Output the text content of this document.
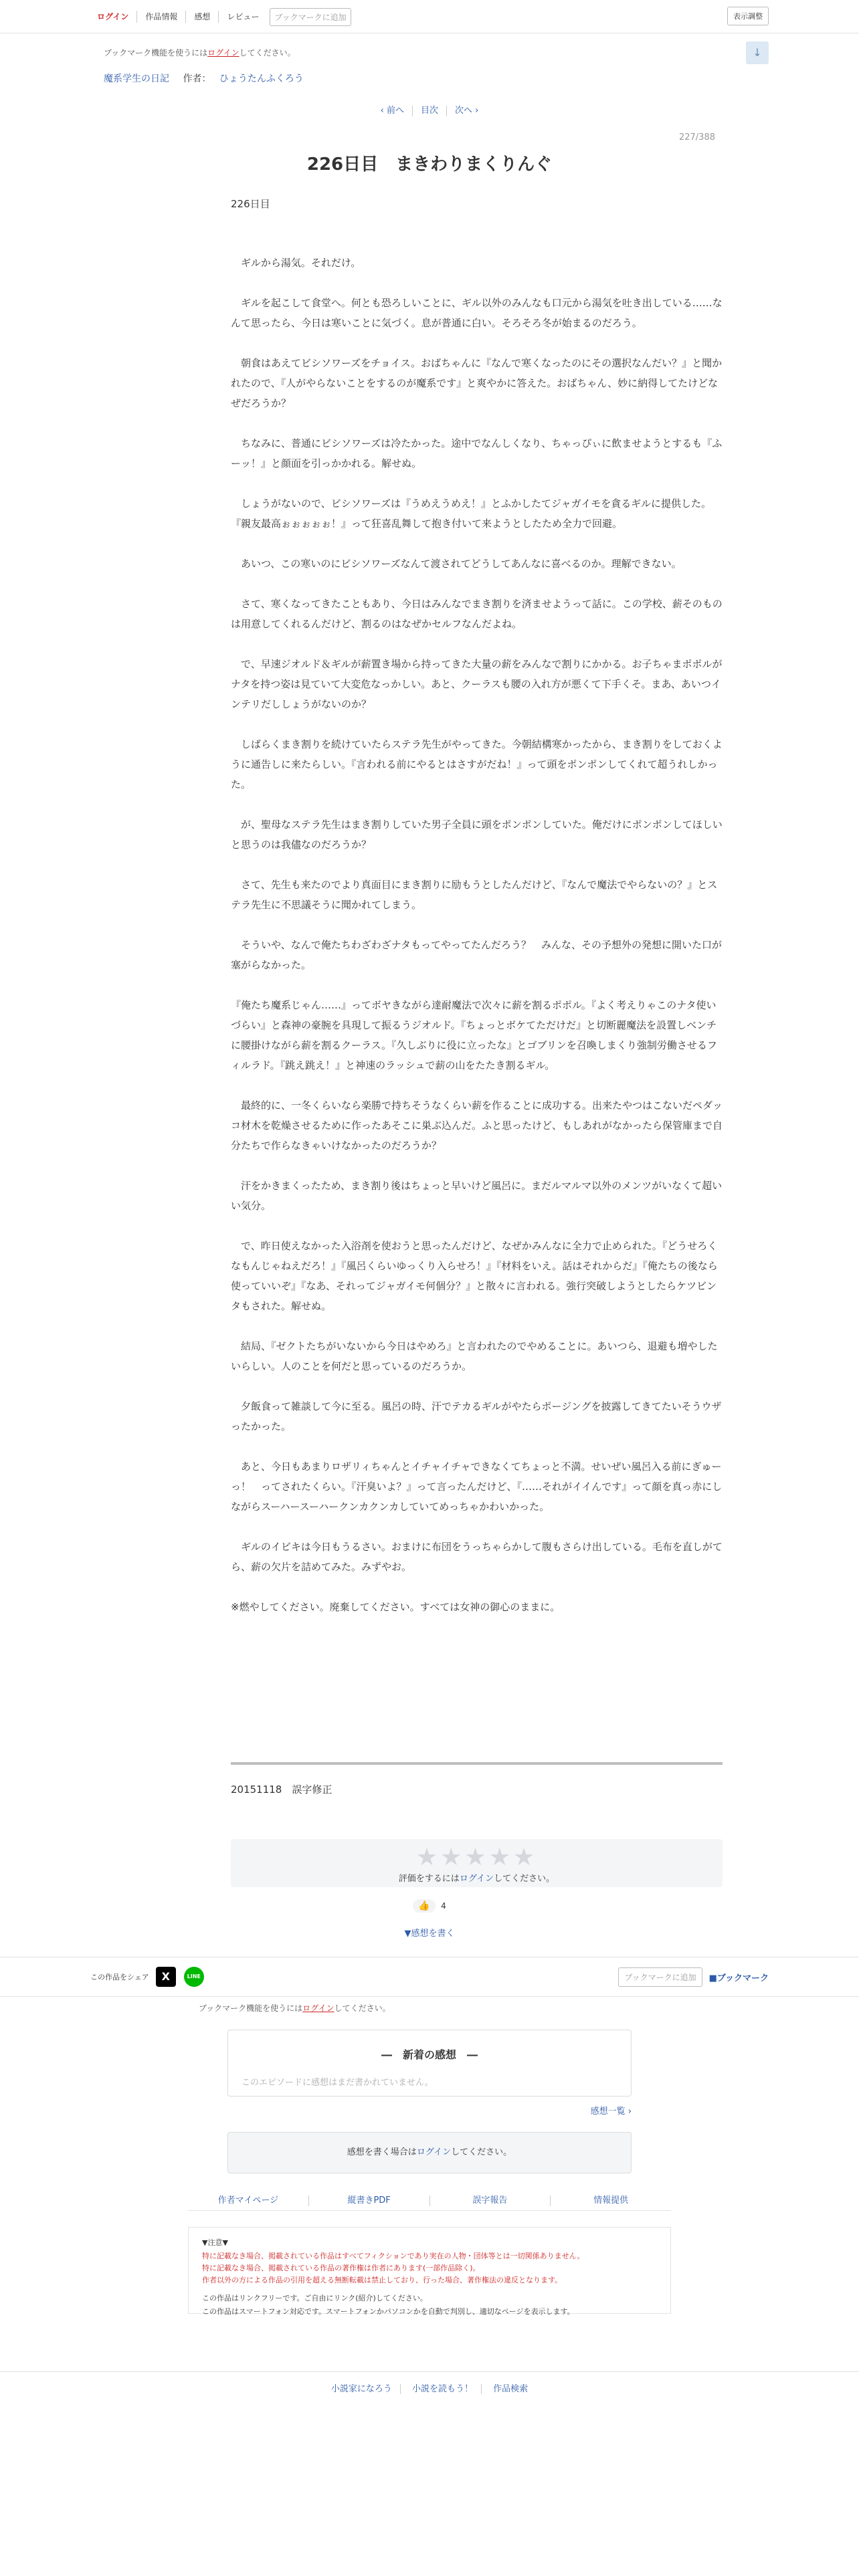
ログイン	作品情報	感想	レビュー	ブックマークに追加	表示調整
ブックマーク機能を使うにはログインしてください。	↓
魔系学生の日記 作者： ひょうたんふくろう
‹ 前へ	目次	次へ ›
227/388
226日目　まきわりまくりんぐ
226日目

　ギルから湯気。それだけ。

　ギルを起こして食堂へ。何とも恐ろしいことに、ギル以外のみんなも口元から湯気を吐き出している……なんて思ったら、今日は寒いことに気づく。息が普通に白い。そろそろ冬が始まるのだろう。

　朝食はあえてビシソワーズをチョイス。おばちゃんに『なんで寒くなったのにその選択なんだい？』と聞かれたので、『人がやらないことをするのが魔系です』と爽やかに答えた。おばちゃん、妙に納得してたけどなぜだろうか？

　ちなみに、普通にビシソワーズは冷たかった。途中でなんしくなり、ちゃっぴぃに飲ませようとするも『ふーッ！』と顔面を引っかかれる。解せぬ。

　しょうがないので、ビシソワーズは『うめえうめえ！』とふかしたてジャガイモを貪るギルに提供した。『親友最高ぉぉぉぉぉ！』って狂喜乱舞して抱き付いて来ようとしたため全力で回避。

　あいつ、この寒いのにビシソワーズなんて渡されてどうしてあんなに喜べるのか。理解できない。

　さて、寒くなってきたこともあり、今日はみんなでまき割りを済ませようって話に。この学校、薪そのものは用意してくれるんだけど、割るのはなぜかセルフなんだよね。

　で、早速ジオルド＆ギルが薪置き場から持ってきた大量の薪をみんなで割りにかかる。お子ちゃまポポルがナタを持つ姿は見ていて大変危なっかしい。あと、クーラスも腰の入れ方が悪くて下手くそ。まあ、あいつインテリだししょうがないのか？

　しばらくまき割りを続けていたらステラ先生がやってきた。今朝結構寒かったから、まき割りをしておくように通告しに来たらしい。『言われる前にやるとはさすがだね！』って頭をポンポンしてくれて超うれしかった。

　が、聖母なステラ先生はまき割りしていた男子全員に頭をポンポンしていた。俺だけにポンポンしてほしいと思うのは我儘なのだろうか？

　さて、先生も来たのでより真面目にまき割りに励もうとしたんだけど、『なんで魔法でやらないの？』とステラ先生に不思議そうに聞かれてしまう。

　そういや、なんで俺たちわざわざナタもってやってたんだろう？　みんな、その予想外の発想に開いた口が塞がらなかった。

『俺たち魔系じゃん……』ってボヤきながら達耐魔法で次々に薪を割るポポル。『よく考えりゃこのナタ使いづらい』と森神の豪腕を具現して振るうジオルド。『ちょっとボケてただけだ』と切断麗魔法を設置しベンチに腰掛けながら薪を割るクーラス。『久しぶりに役に立ったな』とゴブリンを召喚しまくり強制労働させるフィルラド。『跳え跳え！』と神速のラッシュで薪の山をたたき割るギル。

　最終的に、一冬くらいなら楽勝で持ちそうなくらい薪を作ることに成功する。出来たやつはこないだペダッコ材木を乾燥させるために作ったあそこに巣ぶ込んだ。ふと思ったけど、もしあれがなかったら保管庫まで自分たちで作らなきゃいけなかったのだろうか？

　汗をかきまくったため、まき割り後はちょっと早いけど風呂に。まだルマルマ以外のメンツがいなくて超いい気分。

　で、昨日使えなかった入浴剤を使おうと思ったんだけど、なぜかみんなに全力で止められた。『どうせろくなもんじゃねえだろ！』『風呂くらいゆっくり入らせろ！』『材料をいえ。話はそれからだ』『俺たちの後なら使っていいぞ』『なあ、それってジャガイモ何個分？』と散々に言われる。強行突破しようとしたらケツビンタもされた。解せぬ。

　結局、『ゼクトたちがいないから今日はやめろ』と言われたのでやめることに。あいつら、退避も増やしたいらしい。人のことを何だと思っているのだろうか。

　夕飯食って雑談して今に至る。風呂の時、汗でテカるギルがやたらポージングを披露してきてたいそうウザったかった。

　あと、今日もあまりロザリィちゃんとイチャイチャできなくてちょっと不満。せいぜい風呂入る前にぎゅーっ！　ってされたくらい。『汗臭いよ？』って言ったんだけど、『……それがイイんです』って顔を真っ赤にしながらスーハースーハークンカクンカしていてめっちゃかわいかった。

　ギルのイビキは今日もうるさい。おまけに布団をうっちゃらかして腹もさらけ出している。毛布を直しがてら、薪の欠片を詰めてみた。みずやお。

※燃やしてください。廃棄してください。すべては女神の御心のままに。

20151118　誤字修正
★★★★★
評価をするにはログインしてください。
👍 4
▼感想を書く
この作品をシェア	X	LINE	ブックマークに追加	■ブックマーク
ブックマーク機能を使うにはログインしてください。
―　新着の感想　―
このエピソードに感想はまだ書かれていません。
感想一覧 ›
感想を書く場合はログインしてください。
作者マイページ	縦書きPDF	誤字報告	情報提供
▼注意▼
特に記載なき場合、掲載されている作品はすべてフィクションであり実在の人物・団体等とは一切関係ありません。
特に記載なき場合、掲載されている作品の著作権は作者にあります(一部作品除く)。
作者以外の方による作品の引用を超える無断転載は禁止しており、行った場合、著作権法の違反となります。
この作品はリンクフリーです。ご自由にリンク(紹介)してください。
この作品はスマートフォン対応です。スマートフォンかパソコンかを自動で判別し、適切なページを表示します。
小説家になろう 小説を読もう！ 作品検索
